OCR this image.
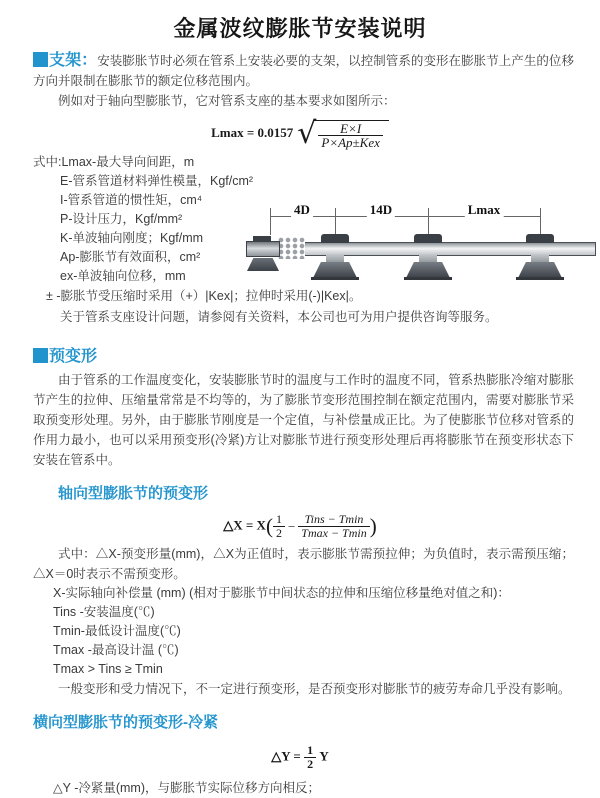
金属波纹膨胀节安装说明

支架：安装膨胀节时必须在管系上安装必要的支架，以控制管系的变形在膨胀节上产生的位移方向并限制在膨胀节的额定位移范围内。

例如对于轴向型膨胀节，它对管系支座的基本要求如图所示：

Lmax = 0.0157 √ $\frac{E\times I}{\text{P×Ap±Kex}}$
式中:Lmax-最大导向间距，m
E-管系管道材料弹性模量，Kgf/cm²
I-管系管道的惯性矩，cm⁴
P-设计压力，Kgf/mm²
K-单波轴向刚度；Kgf/mm
Ap-膨胀节有效面积，cm²
ex-单波轴向位移，mm
± -膨胀节受压缩时采用（+）|Kex|；拉伸时采用(-)|Kex|。
关于管系支座设计问题，请参阅有关资料，本公司也可为用户提供咨询等服务。
4D	14D	Lmax
预变形

由于管系的工作温度变化，安装膨胀节时的温度与工作时的温度不同，管系热膨胀冷缩对膨胀节产生的拉伸、压缩量常常是不均等的，为了膨胀节变形范围控制在额定范围内，需要对膨胀节采取预变形处理。另外，由于膨胀节刚度是一个定值，与补偿量成正比。为了使膨胀节位移对管系的作用力最小，也可以采用预变形(冷紧)方让对膨胀节进行预变形处理后再将膨胀节在预变形状态下安装在管系中。

轴向型膨胀节的预变形
△X = $X( \frac{1}{2} - \frac{\text{Tins − Tmin}}{Tmax - Tmin}$ )

式中：△X-预变形量(mm)，△X为正值时，表示膨胀节需预拉伸；为负值时，表示需预压缩；△X＝0时表示不需预变形。

X-实际轴向补偿量 (mm) (相对于膨胀节中间状态的拉伸和压缩位移量绝对值之和)：
Tins -安装温度(℃)
Tmin-最低设计温度(℃)
Tmax -最高设计温 (℃)
Tmax > Tins ≥ Tmin

一般变形和受力情况下，不一定进行预变形，是否预变形对膨胀节的疲劳寿命几乎没有影响。

横向型膨胀节的预变形-冷紧
△Y = $\frac{1}{2}$ Y
△Y -冷紧量(mm)，与膨胀节实际位移方向相反；
